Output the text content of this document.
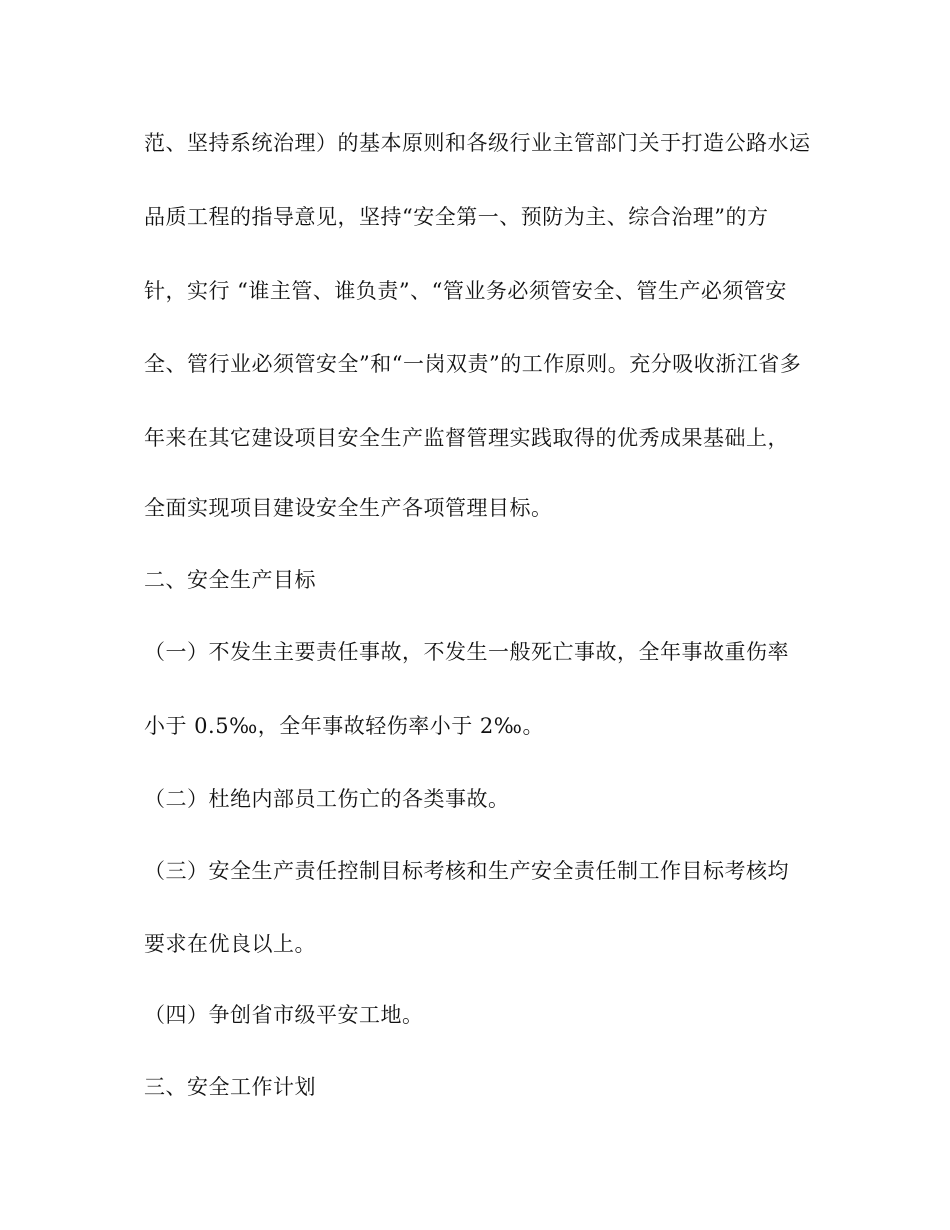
范、坚持系统治理）的基本原则和各级行业主管部门关于打造公路水运
品质工程的指导意见，坚持“安全第一、预防为主、综合治理”的方
针，实行 “谁主管、谁负责”、“管业务必须管安全、管生产必须管安
全、管行业必须管安全”和“一岗双责”的工作原则。充分吸收浙江省多
年来在其它建设项目安全生产监督管理实践取得的优秀成果基础上，
全面实现项目建设安全生产各项管理目标。
二、安全生产目标
（一）不发生主要责任事故，不发生一般死亡事故，全年事故重伤率
小于 0.5‰，全年事故轻伤率小于 2‰。
（二）杜绝内部员工伤亡的各类事故。
（三）安全生产责任控制目标考核和生产安全责任制工作目标考核均
要求在优良以上。
（四）争创省市级平安工地。
三、安全工作计划
